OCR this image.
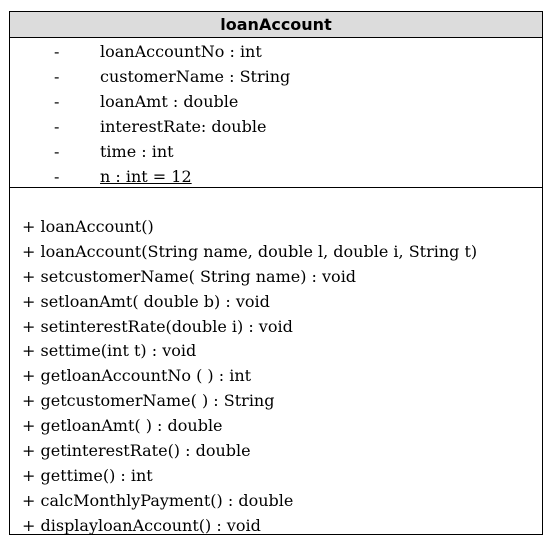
loanAccount
-	loanAccountNo : int
-	customerName : String
-	loanAmt : double
-	interestRate: double
-	time : int
-	n : int = 12
+ loanAccount()
+ loanAccount(String name, double l, double i, String t)
+ setcustomerName( String name) : void
+ setloanAmt( double b) : void
+ setinterestRate(double i) : void
+ settime(int t) : void
+ getloanAccountNo ( ) : int
+ getcustomerName( ) : String
+ getloanAmt( ) : double
+ getinterestRate() : double
+ gettime() : int
+ calcMonthlyPayment() : double
+ displayloanAccount() : void
